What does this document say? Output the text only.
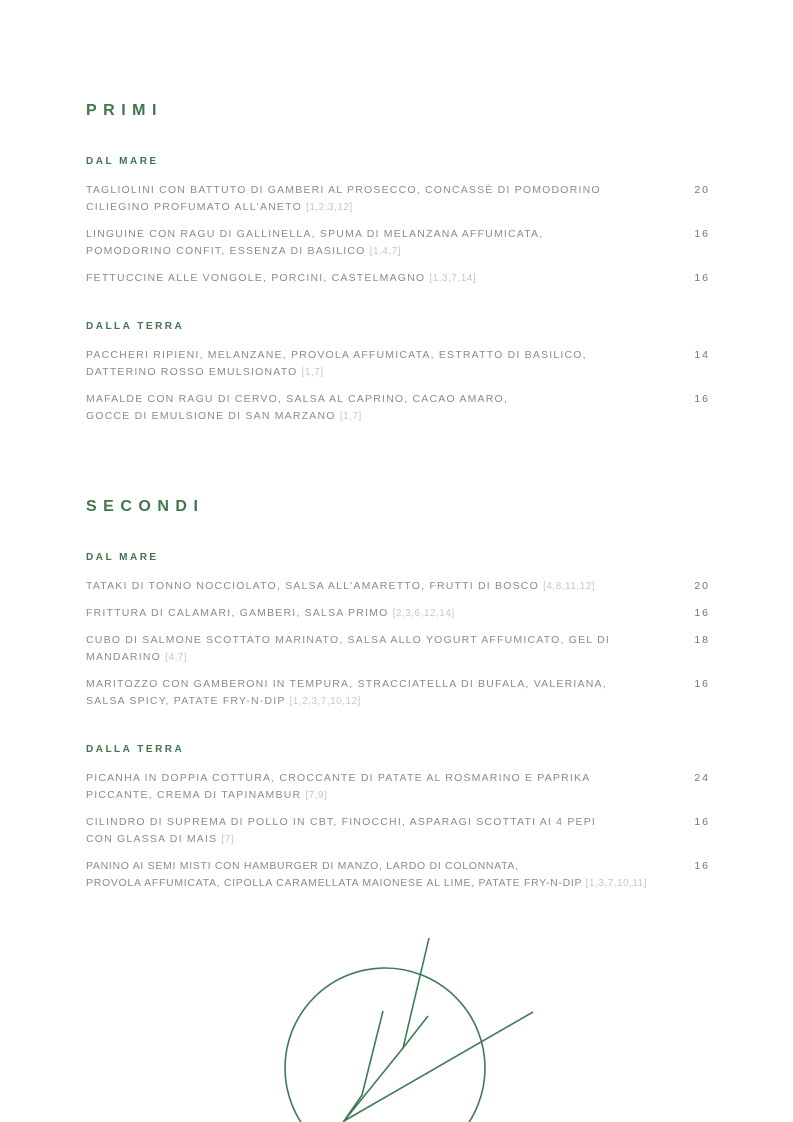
PRIMI
DAL MARE
TAGLIOLINI CON BATTUTO DI GAMBERI AL PROSECCO, CONCASSÈ DI POMODORINO
CILIEGINO PROFUMATO ALL'ANETO [1,2,3,12]
20
LINGUINE CON RAGU DI GALLINELLA, SPUMA DI MELANZANA AFFUMICATA,
POMODORINO CONFIT, ESSENZA DI BASILICO [1,4,7]
16
FETTUCCINE ALLE VONGOLE, PORCINI, CASTELMAGNO [1,3,7,14]	16
DALLA TERRA
PACCHERI RIPIENI, MELANZANE, PROVOLA AFFUMICATA, ESTRATTO DI BASILICO,
DATTERINO ROSSO EMULSIONATO [1,7]
14
MAFALDE CON RAGU DI CERVO, SALSA AL CAPRINO, CACAO AMARO,
GOCCE DI EMULSIONE DI SAN MARZANO [1,7]
16
SECONDI
DAL MARE
TATAKI DI TONNO NOCCIOLATO, SALSA ALL'AMARETTO, FRUTTI DI BOSCO [4,8,11,12]	20
FRITTURA DI CALAMARI, GAMBERI, SALSA PRIMO [2,3,6,12,14]	16
CUBO DI SALMONE SCOTTATO MARINATO, SALSA ALLO YOGURT AFFUMICATO, GEL DI
MANDARINO [4,7]
18
MARITOZZO CON GAMBERONI IN TEMPURA, STRACCIATELLA DI BUFALA, VALERIANA,
SALSA SPICY, PATATE FRY-N-DIP [1,2,3,7,10,12]
16
DALLA TERRA
PICANHA IN DOPPIA COTTURA, CROCCANTE DI PATATE AL ROSMARINO E PAPRIKA
PICCANTE, CREMA DI TAPINAMBUR [7,9]
24
CILINDRO DI SUPREMA DI POLLO IN CBT, FINOCCHI, ASPARAGI SCOTTATI AI 4 PEPI
CON GLASSA DI MAIS [7]
16
PANINO AI SEMI MISTI CON HAMBURGER DI MANZO, LARDO DI COLONNATA,
PROVOLA AFFUMICATA, CIPOLLA CARAMELLATA MAIONESE AL LIME, PATATE FRY-N-DIP [1,3,7,10,11]
16
